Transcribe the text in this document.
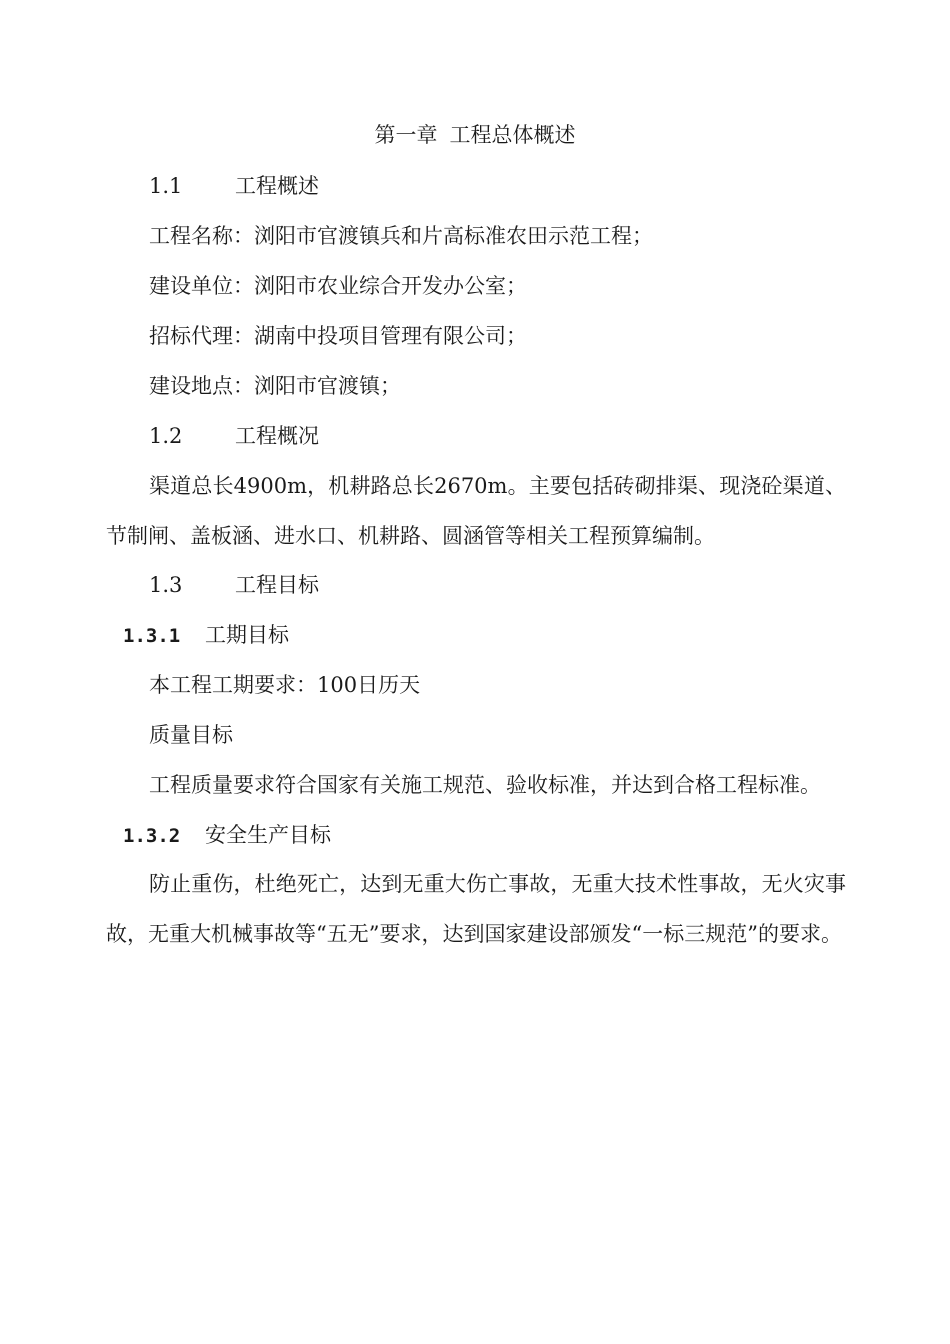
第一章 工程总体概述
1.1	工程概述
工程名称：浏阳市官渡镇兵和片高标准农田示范工程；
建设单位：浏阳市农业综合开发办公室；
招标代理：湖南中投项目管理有限公司；
建设地点：浏阳市官渡镇；
1.2	工程概况
渠道总长4900m，机耕路总长2670m。主要包括砖砌排渠、现浇砼渠道、节制闸、盖板涵、进水口、机耕路、圆涵管等相关工程预算编制。
1.3	工程目标
1.3.1 工期目标
本工程工期要求：100日历天
质量目标
工程质量要求符合国家有关施工规范、验收标准，并达到合格工程标准。
1.3.2 安全生产目标
防止重伤，杜绝死亡，达到无重大伤亡事故，无重大技术性事故，无火灾事故，无重大机械事故等“五无”要求，达到国家建设部颁发“一标三规范”的要求。
